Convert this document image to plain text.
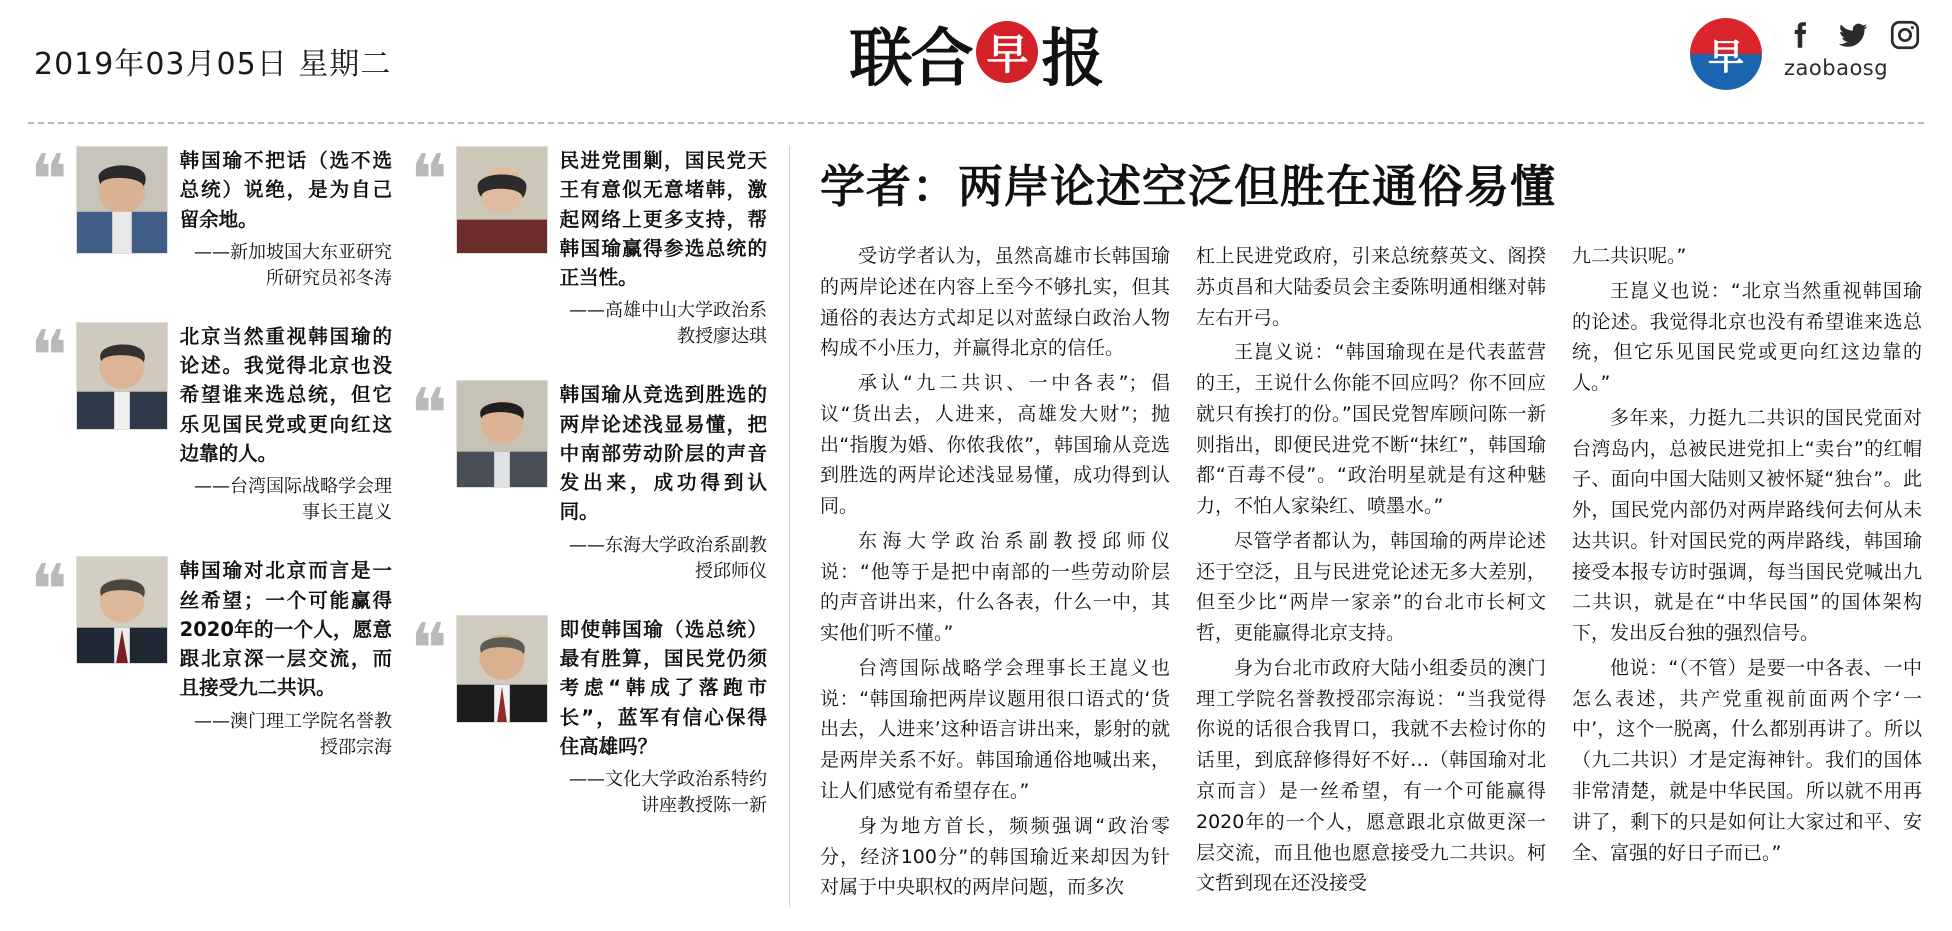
2019年03月05日 星期二	联合 早 报	早	zaobaosg
❝	韩国瑜不把话（选不选总统）说绝，是为自己留余地。
——新加坡国大东亚研究所研究员祁冬涛
❝	北京当然重视韩国瑜的论述。我觉得北京也没希望谁来选总统，但它乐见国民党或更向红这边靠的人。
——台湾国际战略学会理事长王崑义
❝	韩国瑜对北京而言是一丝希望；一个可能赢得2020年的一个人，愿意跟北京深一层交流，而且接受九二共识。
——澳门理工学院名誉教授邵宗海
❝	民进党围剿，国民党天王有意似无意堵韩，激起网络上更多支持，帮韩国瑜赢得参选总统的正当性。
——高雄中山大学政治系教授廖达琪
❝	韩国瑜从竞选到胜选的两岸论述浅显易懂，把中南部劳动阶层的声音发出来，成功得到认同。
——东海大学政治系副教授邱师仪
❝	即使韩国瑜（选总统）最有胜算，国民党仍须考虑“韩成了落跑市长”，蓝军有信心保得住高雄吗？
——文化大学政治系特约讲座教授陈一新
学者：两岸论述空泛但胜在通俗易懂

受访学者认为，虽然高雄市长韩国瑜的两岸论述在内容上至今不够扎实，但其通俗的表达方式却足以对蓝绿白政治人物构成不小压力，并赢得北京的信任。

承认“九二共识、一中各表”；倡议“货出去，人进来，高雄发大财”；抛出“指腹为婚、你侬我侬”，韩国瑜从竞选到胜选的两岸论述浅显易懂，成功得到认同。

东海大学政治系副教授邱师仪说：“他等于是把中南部的一些劳动阶层的声音讲出来，什么各表，什么一中，其实他们听不懂。”

台湾国际战略学会理事长王崑义也说：“韩国瑜把两岸议题用很口语式的‘货出去，人进来’这种语言讲出来，影射的就是两岸关系不好。韩国瑜通俗地喊出来，让人们感觉有希望存在。”

身为地方首长，频频强调“政治零分，经济100分”的韩国瑜近来却因为针对属于中央职权的两岸问题，而多次

杠上民进党政府，引来总统蔡英文、阁揆苏贞昌和大陆委员会主委陈明通相继对韩左右开弓。

王崑义说：“韩国瑜现在是代表蓝营的王，王说什么你能不回应吗？你不回应就只有挨打的份。”国民党智库顾问陈一新则指出，即便民进党不断“抹红”，韩国瑜都“百毒不侵”。“政治明星就是有这种魅力，不怕人家染红、喷墨水。”

尽管学者都认为，韩国瑜的两岸论述还于空泛，且与民进党论述无多大差别，但至少比“两岸一家亲”的台北市长柯文哲，更能赢得北京支持。

身为台北市政府大陆小组委员的澳门理工学院名誉教授邵宗海说：“当我觉得你说的话很合我胃口，我就不去检讨你的话里，到底辞修得好不好…（韩国瑜对北京而言）是一丝希望，有一个可能赢得2020年的一个人，愿意跟北京做更深一层交流，而且他也愿意接受九二共识。柯文哲到现在还没接受

九二共识呢。”

王崑义也说：“北京当然重视韩国瑜的论述。我觉得北京也没有希望谁来选总统，但它乐见国民党或更向红这边靠的人。”

多年来，力挺九二共识的国民党面对台湾岛内，总被民进党扣上“卖台”的红帽子、面向中国大陆则又被怀疑“独台”。此外，国民党内部仍对两岸路线何去何从未达共识。针对国民党的两岸路线，韩国瑜接受本报专访时强调，每当国民党喊出九二共识，就是在“中华民国”的国体架构下，发出反台独的强烈信号。

他说：“（不管）是要一中各表、一中怎么表述，共产党重视前面两个字‘一中’，这个一脱离，什么都别再讲了。所以（九二共识）才是定海神针。我们的国体非常清楚，就是中华民国。所以就不用再讲了，剩下的只是如何让大家过和平、安全、富强的好日子而已。”
